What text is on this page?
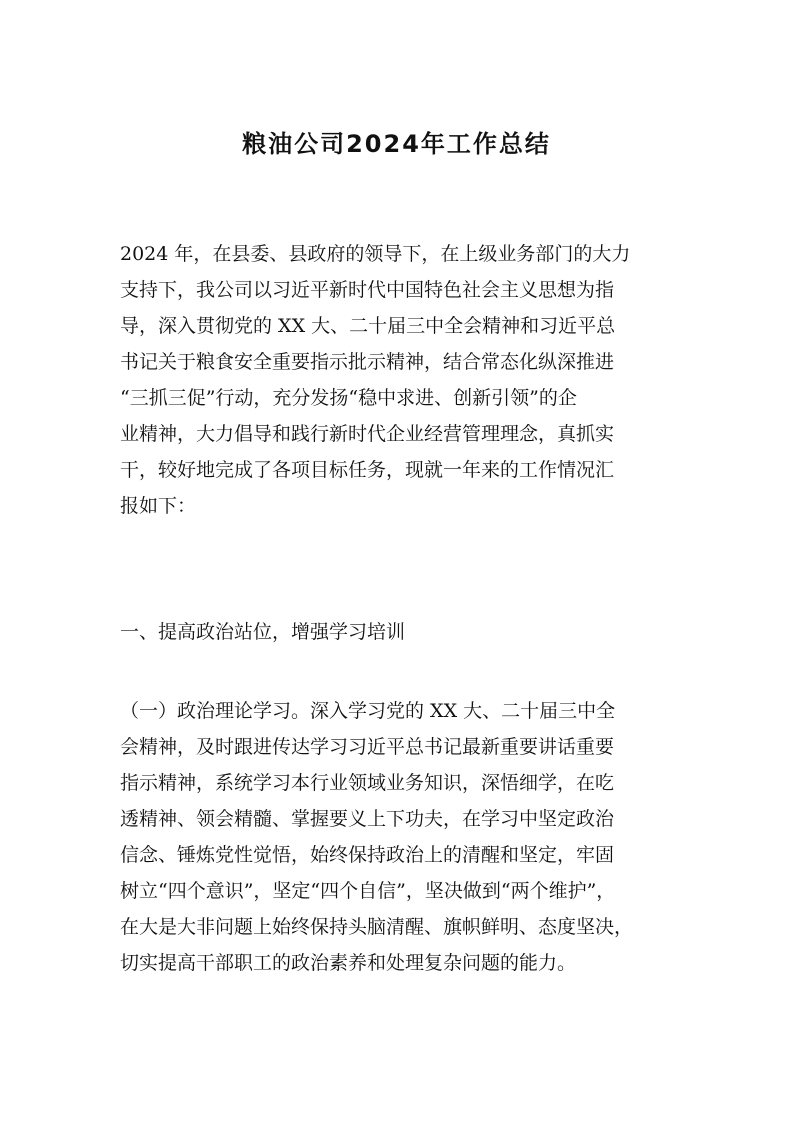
粮油公司2024年工作总结
2024 年，在县委、县政府的领导下，在上级业务部门的大力
支持下，我公司以习近平新时代中国特色社会主义思想为指
导，深入贯彻党的 XX 大、二十届三中全会精神和习近平总
书记关于粮食安全重要指示批示精神，结合常态化纵深推进
“三抓三促”行动，充分发扬“稳中求进、创新引领”的企
业精神，大力倡导和践行新时代企业经营管理理念，真抓实
干，较好地完成了各项目标任务，现就一年来的工作情况汇
报如下：
一、提高政治站位，增强学习培训
（一）政治理论学习。深入学习党的 XX 大、二十届三中全
会精神，及时跟进传达学习习近平总书记最新重要讲话重要
指示精神，系统学习本行业领域业务知识，深悟细学，在吃
透精神、领会精髓、掌握要义上下功夫，在学习中坚定政治
信念、锤炼党性觉悟，始终保持政治上的清醒和坚定，牢固
树立“四个意识”，坚定“四个自信”，坚决做到“两个维护”，
在大是大非问题上始终保持头脑清醒、旗帜鲜明、态度坚决，
切实提高干部职工的政治素养和处理复杂问题的能力。
